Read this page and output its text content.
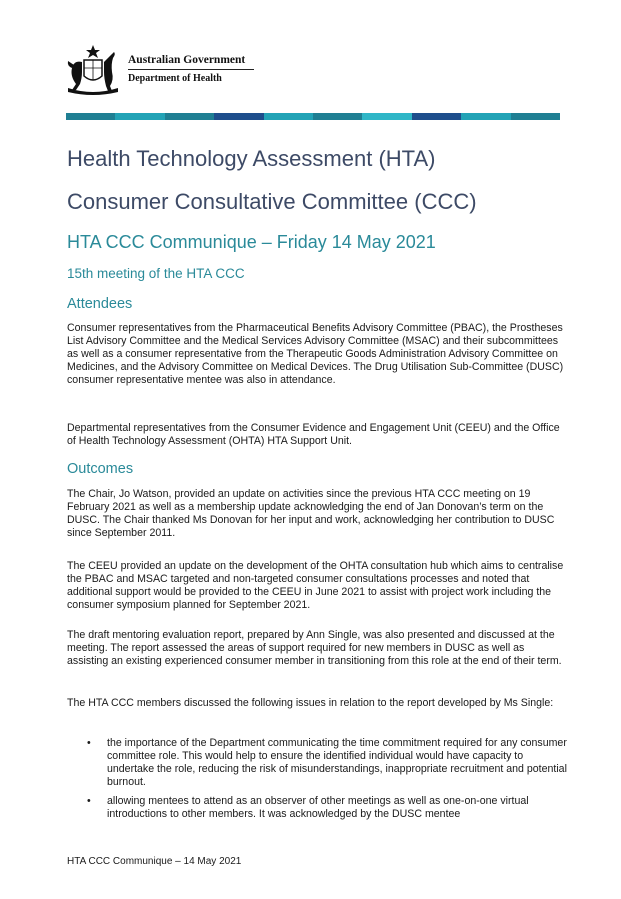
Australian Government
Department of Health
Health Technology Assessment (HTA)
Consumer Consultative Committee (CCC)
HTA CCC Communique – Friday 14 May 2021
15th meeting of the HTA CCC
Attendees

Consumer representatives from the Pharmaceutical Benefits Advisory Committee (PBAC), the Prostheses List Advisory Committee and the Medical Services Advisory Committee (MSAC) and their subcommittees as well as a consumer representative from the Therapeutic Goods Administration Advisory Committee on Medicines, and the Advisory Committee on Medical Devices. The Drug Utilisation Sub-Committee (DUSC) consumer representative mentee was also in attendance.

Departmental representatives from the Consumer Evidence and Engagement Unit (CEEU) and the Office of Health Technology Assessment (OHTA) HTA Support Unit.

Outcomes

The Chair, Jo Watson, provided an update on activities since the previous HTA CCC meeting on 19 February 2021 as well as a membership update acknowledging the end of Jan Donovan’s term on the DUSC. The Chair thanked Ms Donovan for her input and work, acknowledging her contribution to DUSC since September 2011.

The CEEU provided an update on the development of the OHTA consultation hub which aims to centralise the PBAC and MSAC targeted and non-targeted consumer consultations processes and noted that additional support would be provided to the CEEU in June 2021 to assist with project work including the consumer symposium planned for September 2021.

The draft mentoring evaluation report, prepared by Ann Single, was also presented and discussed at the meeting. The report assessed the areas of support required for new members in DUSC as well as assisting an existing experienced consumer member in transitioning from this role at the end of their term.

The HTA CCC members discussed the following issues in relation to the report developed by Ms Single:

• the importance of the Department communicating the time commitment required for any consumer committee role. This would help to ensure the identified individual would have capacity to undertake the role, reducing the risk of misunderstandings, inappropriate recruitment and potential burnout.
• allowing mentees to attend as an observer of other meetings as well as one-on-one virtual introductions to other members. It was acknowledged by the DUSC mentee
HTA CCC Communique – 14 May 2021
